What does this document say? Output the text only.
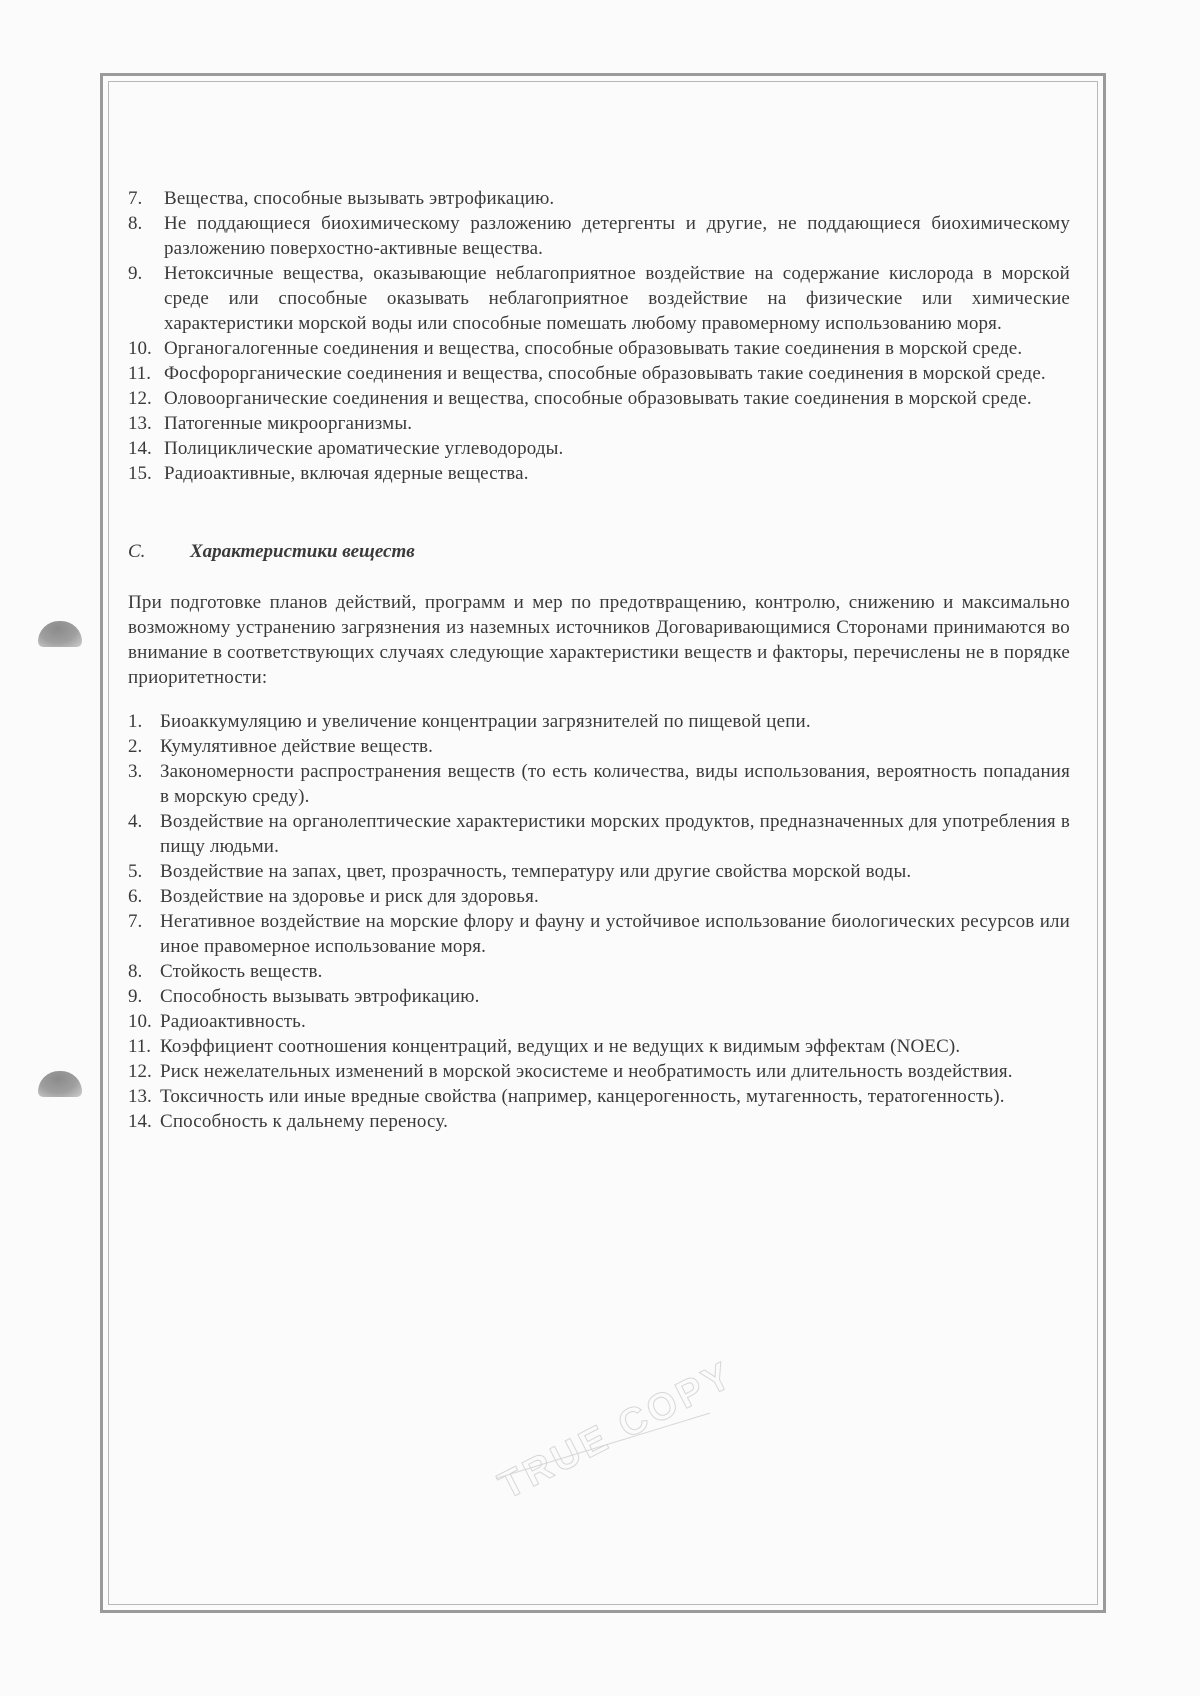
7.	Вещества, способные вызывать эвтрофикацию.
8.	Не поддающиеся биохимическому разложению детергенты и другие, не поддающиеся биохимическому разложению поверхостно-активные вещества.
9.	Нетоксичные вещества, оказывающие неблагоприятное воздействие на содержание кислорода в морской среде или способные оказывать неблагоприятное воздействие на физические или химические характеристики морской воды или способные помешать любому правомерному использованию моря.
10. Органогалогенные соединения и вещества, способные образовывать такие соединения в морской среде.
11. Фосфорорганические соединения и вещества, способные образовывать такие соединения в морской среде.
12. Оловоорганические соединения и вещества, способные образовывать такие соединения в морской среде.
13. Патогенные микроорганизмы.
14. Полициклические ароматические углеводороды.
15. Радиоактивные, включая ядерные вещества.
C.	Характеристики веществ

При подготовке планов действий, программ и мер по предотвращению, контролю, снижению и максимально возможному устранению загрязнения из наземных источников Договаривающимися Сторонами принимаются во внимание в соответствующих случаях следующие характеристики веществ и факторы, перечислены не в порядке приоритетности:

1. Биоаккумуляцию и увеличение концентрации загрязнителей по пищевой цепи.
2. Кумулятивное действие веществ.
3. Закономерности распространения веществ (то есть количества, виды использования, вероятность попадания в морскую среду).
4. Воздействие на органолептические характеристики морских продуктов, предназначенных для употребления в пищу людьми.
5. Воздействие на запах, цвет, прозрачность, температуру или другие свойства морской воды.
6. Воздействие на здоровье и риск для здоровья.
7. Негативное воздействие на морские флору и фауну и устойчивое использование биологических ресурсов или иное правомерное использование моря.
8. Стойкость веществ.
9. Способность вызывать эвтрофикацию.
10. Радиоактивность.
11. Коэффициент соотношения концентраций, ведущих и не ведущих к видимым эффектам (NOEC).
12. Риск нежелательных изменений в морской экосистеме и необратимость или длительность воздействия.
13. Токсичность или иные вредные свойства (например, канцерогенность, мутагенность, тератогенность).
14. Способность к дальнему переносу.
TRUE COPY
